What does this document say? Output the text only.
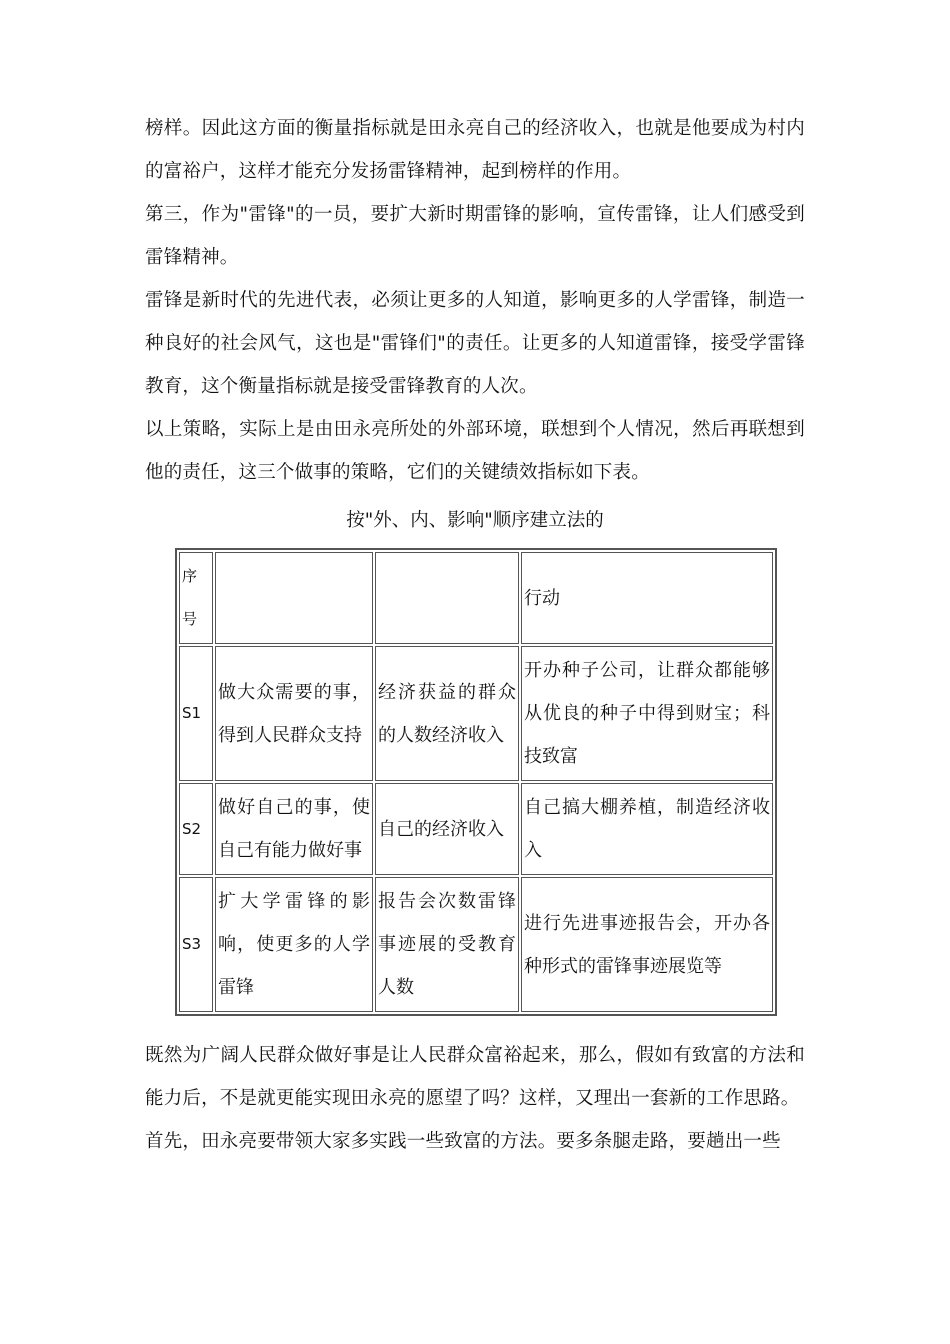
榜样。因此这方面的衡量指标就是田永亮自己的经济收入，也就是他要成为村内的富裕户，这样才能充分发扬雷锋精神，起到榜样的作用。

第三，作为"雷锋"的一员，要扩大新时期雷锋的影响，宣传雷锋，让人们感受到雷锋精神。

雷锋是新时代的先进代表，必须让更多的人知道，影响更多的人学雷锋，制造一种良好的社会风气，这也是"雷锋们"的责任。让更多的人知道雷锋，接受学雷锋教育，这个衡量指标就是接受雷锋教育的人次。

以上策略，实际上是由田永亮所处的外部环境，联想到个人情况，然后再联想到他的责任，这三个做事的策略，它们的关键绩效指标如下表。

按"外、内、影响"顺序建立法的
序号			行动
S1	做大众需要的事，得到人民群众支持	经济获益的群众的人数经济收入	开办种子公司，让群众都能够从优良的种子中得到财宝；科技致富
S2	做好自己的事，使自己有能力做好事	自己的经济收入	自己搞大棚养植，制造经济收入
S3	扩大学雷锋的影响，使更多的人学雷锋	报告会次数雷锋事迹展的受教育人数	进行先进事迹报告会，开办各种形式的雷锋事迹展览等

既然为广阔人民群众做好事是让人民群众富裕起来，那么，假如有致富的方法和能力后，不是就更能实现田永亮的愿望了吗？这样，又理出一套新的工作思路。

首先，田永亮要带领大家多实践一些致富的方法。要多条腿走路，要趟出一些
